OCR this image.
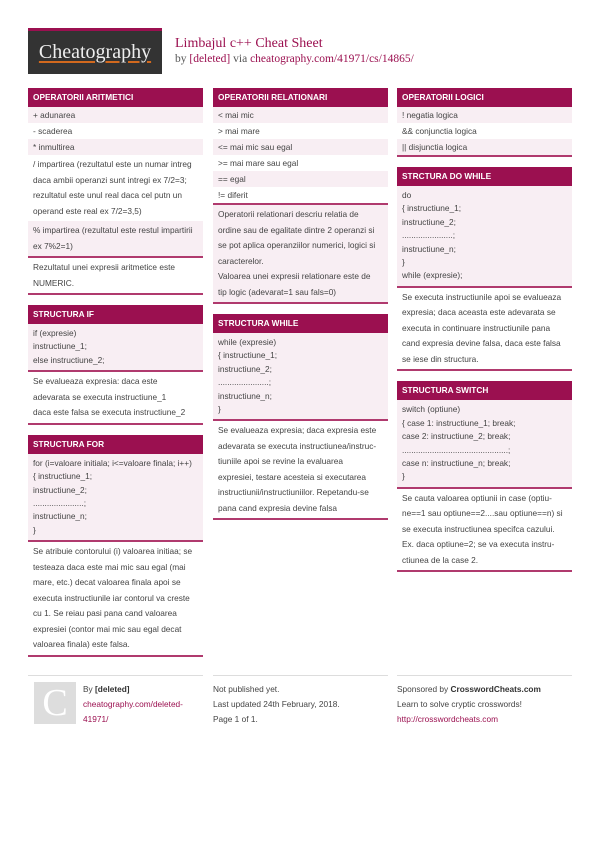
Cheatography Limbajul c++ Cheat Sheet
by [deleted] via cheatography.com/41971/cs/14865/
OPERATORII ARITMETICI
+ adunarea
- scaderea
* inmultirea
/ impartirea (rezultatul este un numar intreg
daca ambii operanzi sunt intregi ex 7/2=3;
rezultatul este unul real daca cel putn un
operand este real ex 7/2=3,5)
% impartirea (rezultatul este restul impartirii
ex 7%2=1)
Rezultatul unei expresii aritmetice este
NUMERIC.
STRUCTURA IF
if (expresie)
instructiune_1;
else instructiune_2;
Se evalueaza expresia: daca este
adevarata se executa instructiune_1
daca este falsa se executa instructiune_2
STRUCTURA FOR
for (i=valoare initiala; i<=valoare finala; i++)
{ instructiune_1;
instructiune_2;
......................;
instructiune_n;
}
Se atribuie contorului (i) valoarea initiaa; se
testeaza daca este mai mic sau egal (mai
mare, etc.) decat valoarea finala apoi se
executa instructiunile iar contorul va creste
cu 1. Se reiau pasi pana cand valoarea
expresiei (contor mai mic sau egal decat
valoarea finala) este falsa.
OPERATORII RELATIONARI
< mai mic
> mai mare
<= mai mic sau egal
>= mai mare sau egal
== egal
!= diferit
Operatorii relationari descriu relatia de
ordine sau de egalitate dintre 2 operanzi si
se pot aplica operanziilor numerici, logici si
caracterelor.
Valoarea unei expresii relationare este de
tip logic (adevarat=1 sau fals=0)
STRUCTURA WHILE
while (expresie)
{ instructiune_1;
instructiune_2;
......................;
instructiune_n;
}
Se evalueaza expresia; daca expresia este
adevarata se executa instructiunea/instruc-
tiuniile apoi se revine la evaluarea
expresiei, testare acesteia si executarea
instructiunii/instructiuniilor. Repetandu-se
pana cand expresia devine falsa
OPERATORII LOGICI
! negatia logica
&& conjunctia logica
|| disjunctia logica
STRCTURA DO WHILE
do
{ instructiune_1;
instructiune_2;
......................;
instructiune_n;
}
while (expresie);
Se executa instructiunile apoi se evalueaza
expresia; daca aceasta este adevarata se
executa in continuare instructiunile pana
cand expresia devine falsa, daca este falsa
se iese din structura.
STRUCTURA SWITCH
switch (optiune)
{ case 1: instructiune_1; break;
case 2: instructiune_2; break;
..............................................;
case n: instructiune_n; break;
}
Se cauta valoarea optiunii in case (optiu-
ne==1 sau optiune==2....sau optiune==n) si
se executa instructiunea specifca cazului.
Ex. daca optiune=2; se va executa instru-
ctiunea de la case 2.
C	By [deleted]
cheatography.com/deleted-
41971/
Not published yet.
Last updated 24th February, 2018.
Page 1 of 1.
Sponsored by CrosswordCheats.com
Learn to solve cryptic crosswords!
http://crosswordcheats.com
